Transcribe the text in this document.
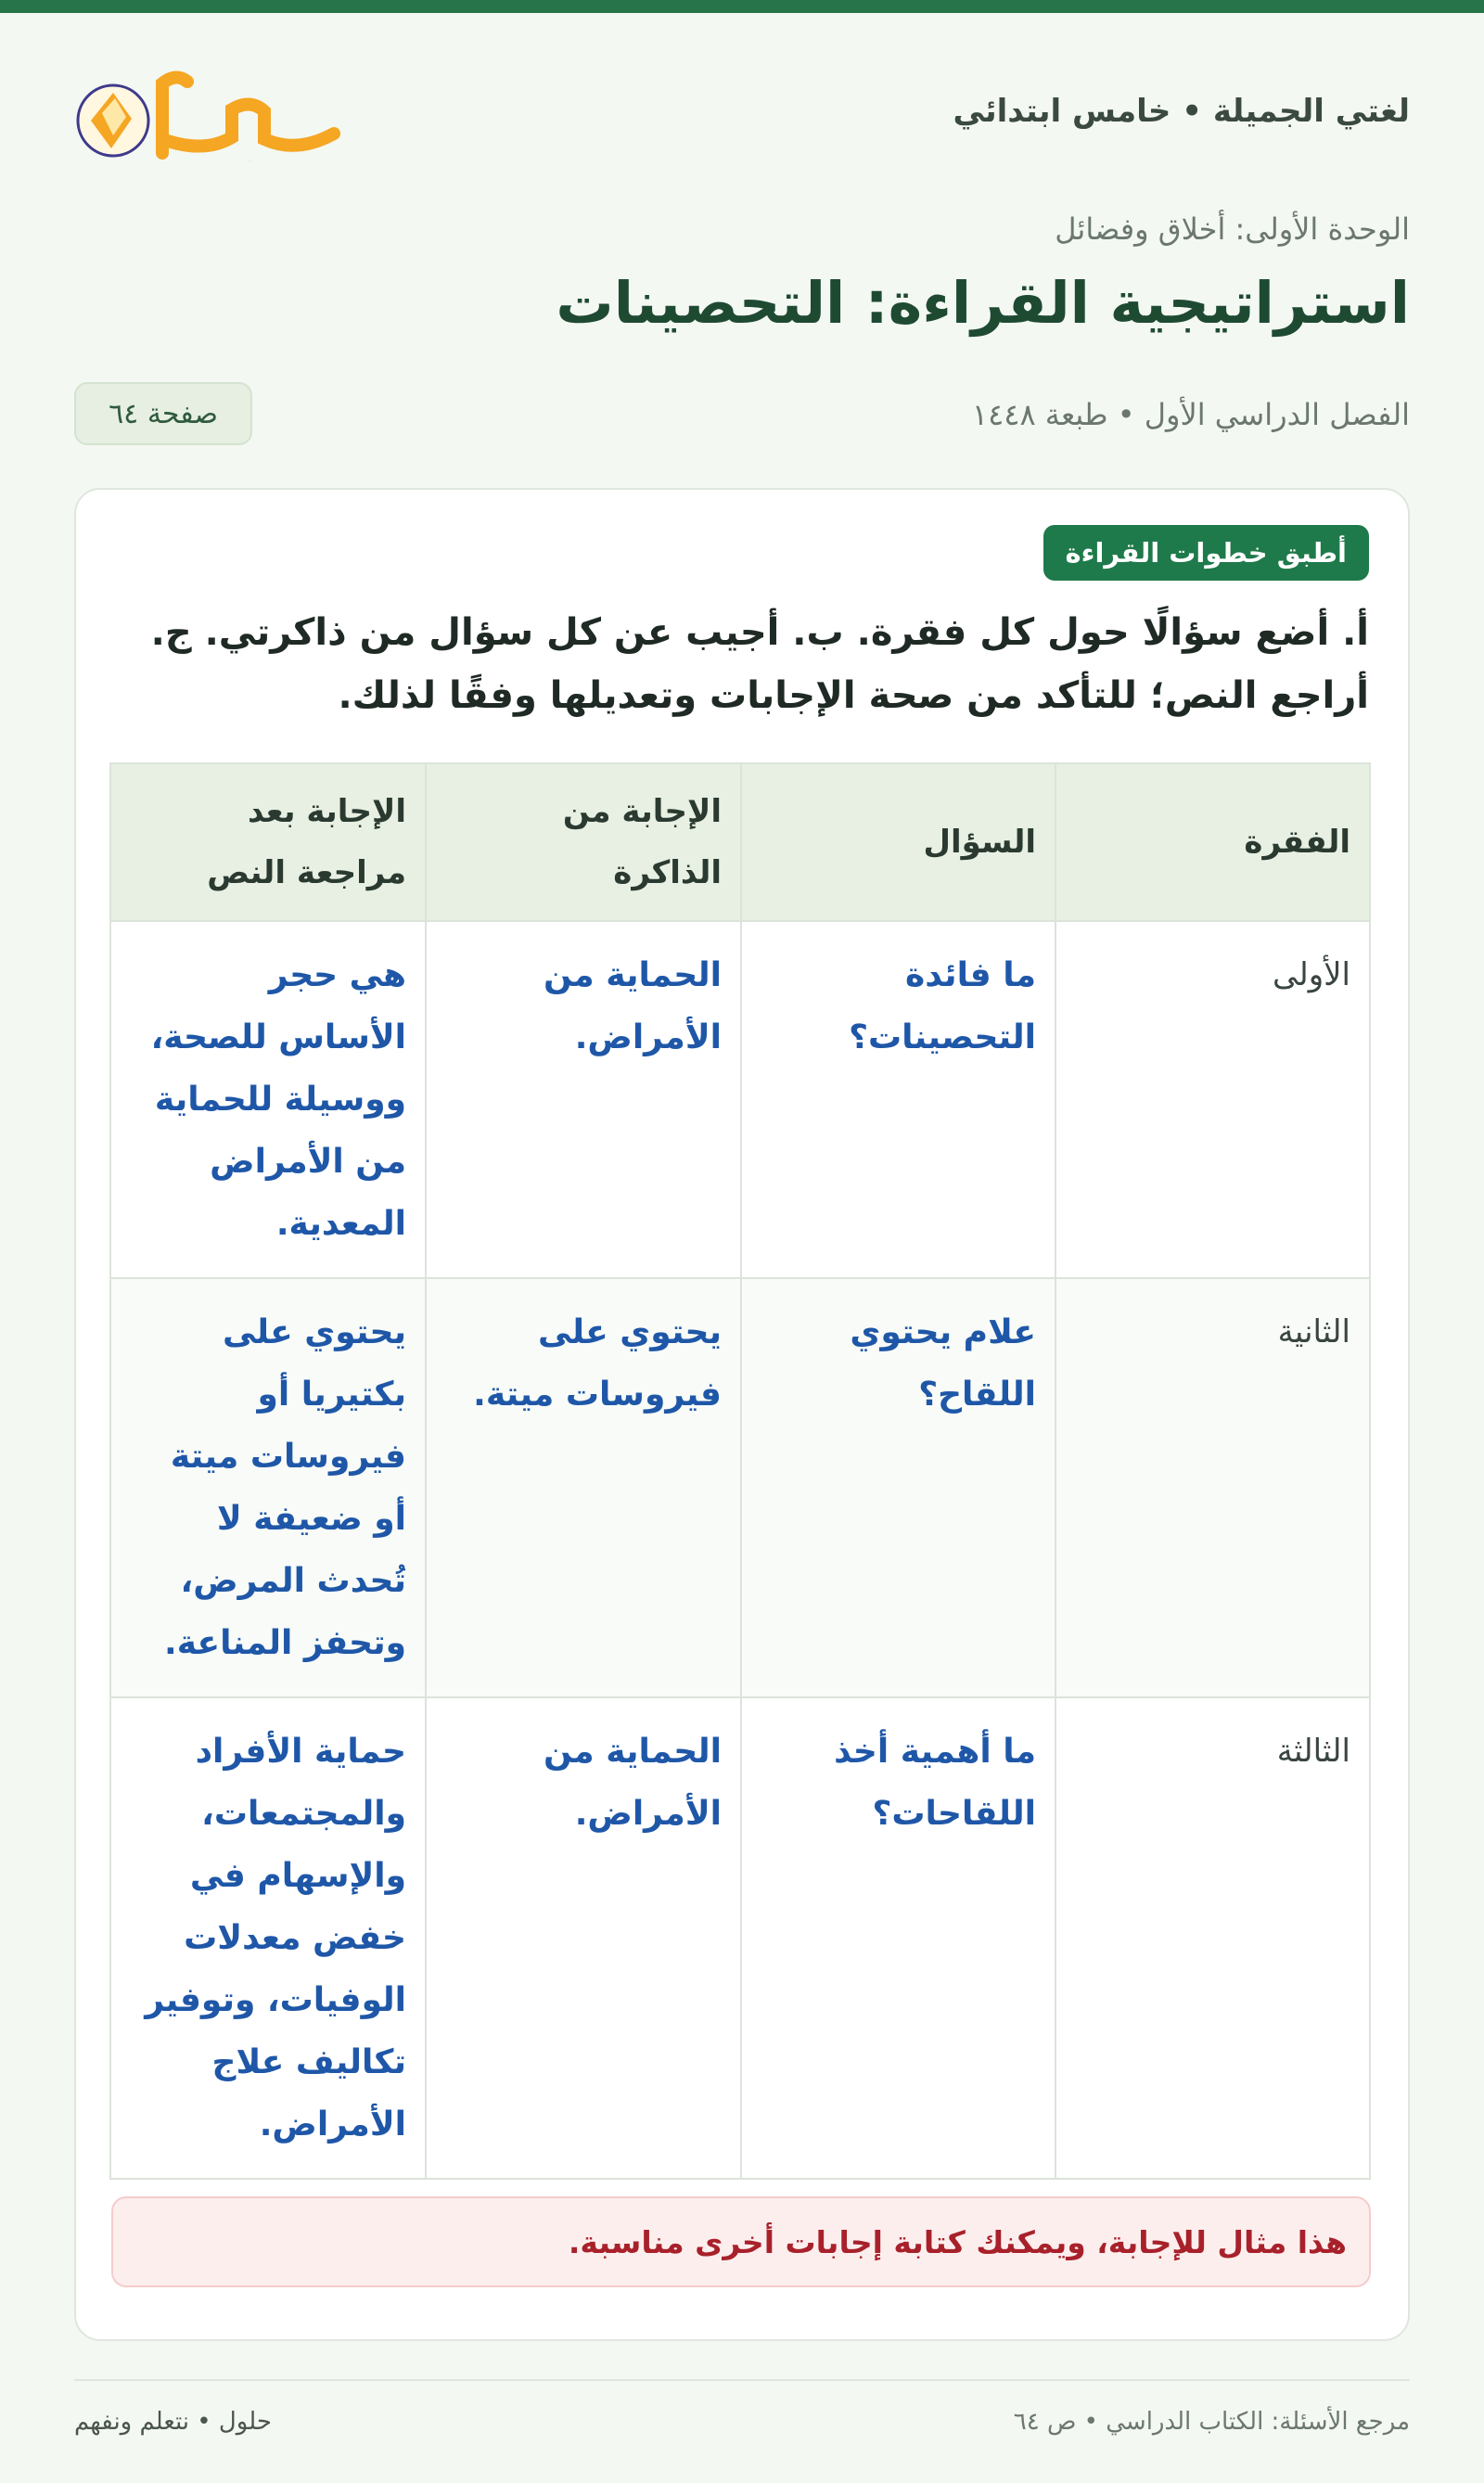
لغتي الجميلة • خامس ابتدائي
حلول
الوحدة الأولى: أخلاق وفضائل
استراتيجية القراءة: التحصينات
الفصل الدراسي الأول • طبعة ١٤٤٨
صفحة ٦٤
أطبق خطوات القراءة
أ. أضع سؤالًا حول كل فقرة. ب. أجيب عن كل سؤال من ذاكرتي. ج. أراجع النص؛ للتأكد من صحة الإجابات وتعديلها وفقًا لذلك.
الفقرة	السؤال	الإجابة من الذاكرة	الإجابة بعد مراجعة النص
الأولى	ما فائدة التحصينات؟	الحماية من الأمراض.	هي حجر الأساس للصحة، ووسيلة للحماية من الأمراض المعدية.
الثانية	علام يحتوي اللقاح؟	يحتوي على فيروسات ميتة.	يحتوي على بكتيريا أو فيروسات ميتة أو ضعيفة لا تُحدث المرض، وتحفز المناعة.
الثالثة	ما أهمية أخذ اللقاحات؟	الحماية من الأمراض.	حماية الأفراد والمجتمعات، والإسهام في خفض معدلات الوفيات، وتوفير تكاليف علاج الأمراض.
هذا مثال للإجابة، ويمكنك كتابة إجابات أخرى مناسبة.
مرجع الأسئلة: الكتاب الدراسي • ص ٦٤
حلول • نتعلم ونفهم
